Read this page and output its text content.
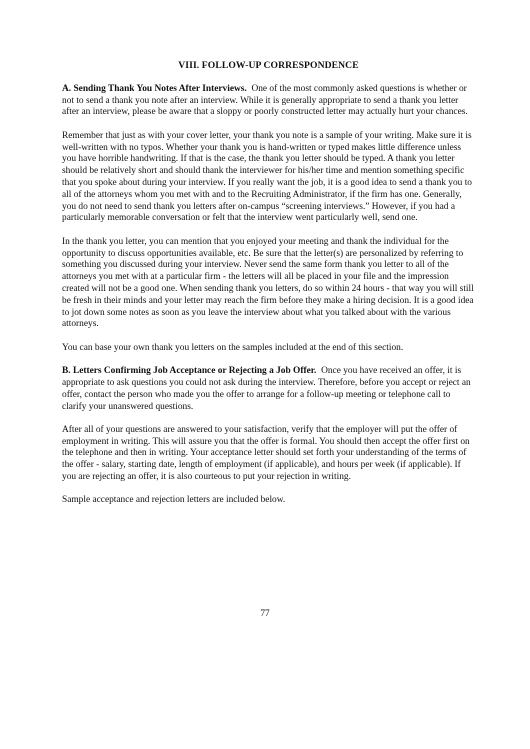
VIII. FOLLOW-UP CORRESPONDENCE

A. Sending Thank You Notes After Interviews. One of the most commonly asked questions is whether or not to send a thank you note after an interview. While it is generally appropriate to send a thank you letter after an interview, please be aware that a sloppy or poorly constructed letter may actually hurt your chances.

Remember that just as with your cover letter, your thank you note is a sample of your writing. Make sure it is well-written with no typos. Whether your thank you is hand-written or typed makes little difference unless you have horrible handwriting. If that is the case, the thank you letter should be typed. A thank you letter should be relatively short and should thank the interviewer for his/her time and mention something specific that you spoke about during your interview. If you really want the job, it is a good idea to send a thank you to all of the attorneys whom you met with and to the Recruiting Administrator, if the firm has one. Generally, you do not need to send thank you letters after on-campus “screening interviews.” However, if you had a particularly memorable conversation or felt that the interview went particularly well, send one.

In the thank you letter, you can mention that you enjoyed your meeting and thank the individual for the opportunity to discuss opportunities available, etc. Be sure that the letter(s) are personalized by referring to something you discussed during your interview. Never send the same form thank you letter to all of the attorneys you met with at a particular firm - the letters will all be placed in your file and the impression created will not be a good one. When sending thank you letters, do so within 24 hours - that way you will still be fresh in their minds and your letter may reach the firm before they make a hiring decision. It is a good idea to jot down some notes as soon as you leave the interview about what you talked about with the various attorneys.

You can base your own thank you letters on the samples included at the end of this section.

B. Letters Confirming Job Acceptance or Rejecting a Job Offer. Once you have received an offer, it is appropriate to ask questions you could not ask during the interview. Therefore, before you accept or reject an offer, contact the person who made you the offer to arrange for a follow-up meeting or telephone call to clarify your unanswered questions.

After all of your questions are answered to your satisfaction, verify that the employer will put the offer of employment in writing. This will assure you that the offer is formal. You should then accept the offer first on the telephone and then in writing. Your acceptance letter should set forth your understanding of the terms of the offer - salary, starting date, length of employment (if applicable), and hours per week (if applicable). If you are rejecting an offer, it is also courteous to put your rejection in writing.

Sample acceptance and rejection letters are included below.

77
